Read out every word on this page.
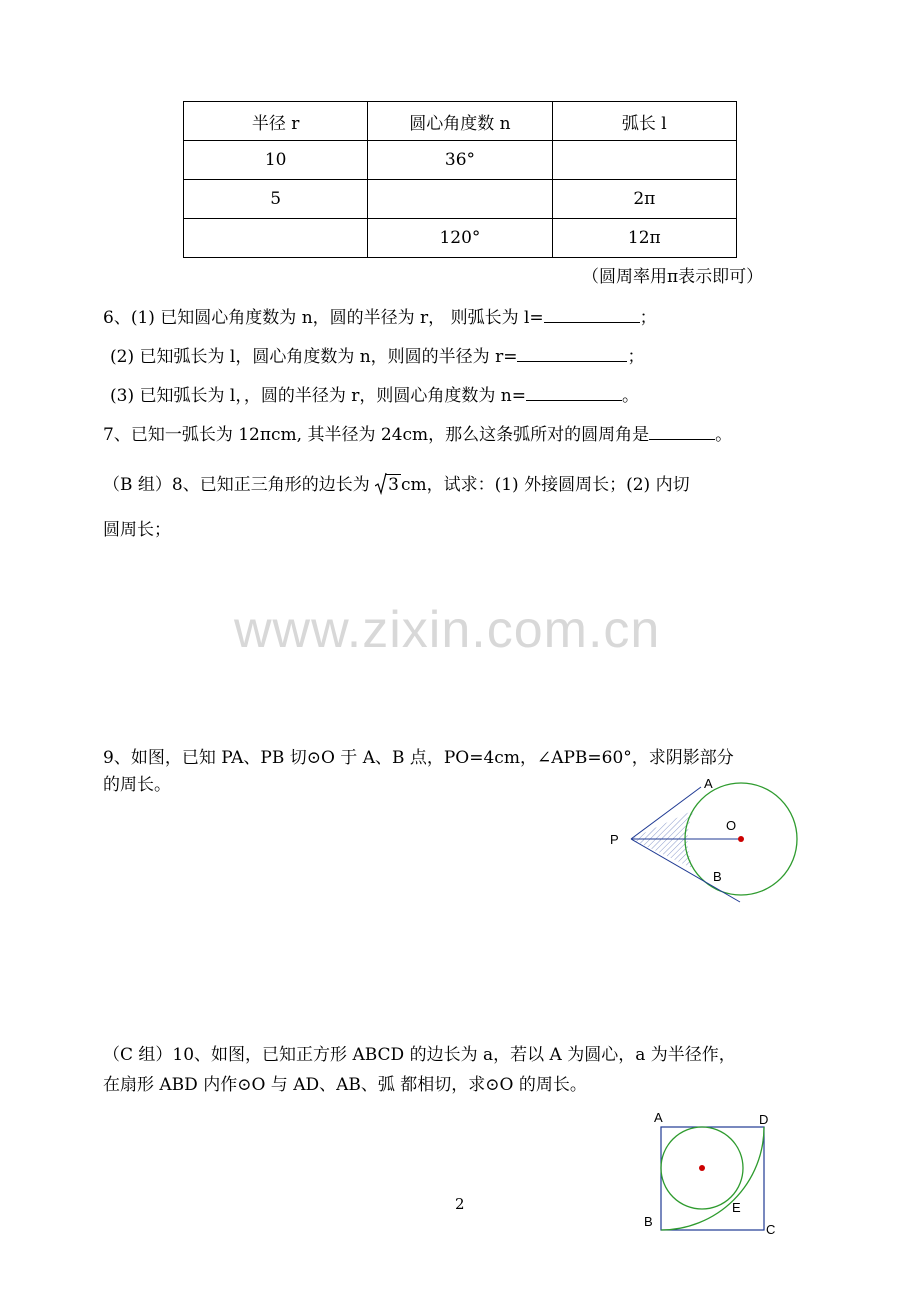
半径 r	圆心角度数 n	弧长 l
10	36°	
5		2π
	120°	12π
（圆周率用π表示即可）
6、(1) 已知圆心角度数为 n，圆的半径为 r， 则弧长为 l=	；
(2) 已知弧长为 l，圆心角度数为 n，则圆的半径为 r=	；
(3) 已知弧长为 l，，圆的半径为 r，则圆心角度数为 n=	。
7、已知一弧长为 12πcm, 其半径为 24cm，那么这条弧所对的圆周角是	。
（B 组）8、已知正三角形的边长为 3 cm，试求：(1) 外接圆周长；(2) 内切
圆周长；
www.zixin.com.cn
9、如图，已知 PA、PB 切⊙O 于 A、B 点，PO=4cm，∠APB=60°，求阴影部分
的周长。	A
O
P
B
（C 组）10、如图，已知正方形 ABCD 的边长为 a，若以 A 为圆心，a 为半径作，
在扇形 ABD 内作⊙O 与 AD、AB、弧 都相切，求⊙O 的周长。
A	D
B
C
E
2
